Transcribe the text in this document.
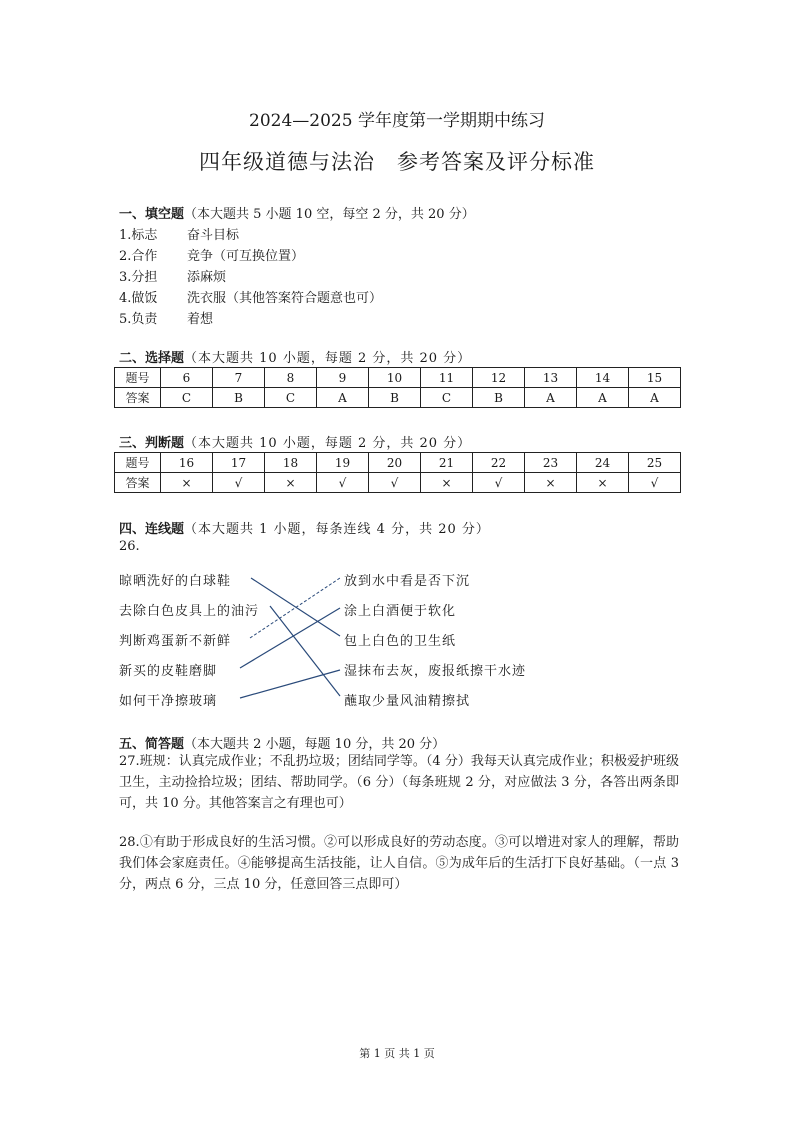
2024—2025 学年度第一学期期中练习
四年级道德与法治 参考答案及评分标准
一、填空题（本大题共 5 小题 10 空，每空 2 分，共 20 分）
1.标志 奋斗目标
2.合作 竞争（可互换位置）
3.分担 添麻烦
4.做饭 洗衣服（其他答案符合题意也可）
5.负责 着想
二、选择题（本大题共 10 小题，每题 2 分，共 20 分）
题号	6	7	8	9	10	11	12	13	14	15
答案	C	B	C	A	B	C	B	A	A	A
三、判断题（本大题共 10 小题，每题 2 分，共 20 分）
题号	16	17	18	19	20	21	22	23	24	25
答案	×	√	×	√	√	×	√	×	×	√
四、连线题（本大题共 1 小题，每条连线 4 分，共 20 分）
26.
晾晒洗好的白球鞋
去除白色皮具上的油污
判断鸡蛋新不新鲜
新买的皮鞋磨脚
如何干净擦玻璃
放到水中看是否下沉
涂上白酒便于软化
包上白色的卫生纸
湿抹布去灰，废报纸擦干水迹
蘸取少量风油精擦拭
五、简答题（本大题共 2 小题，每题 10 分，共 20 分）
27.班规：认真完成作业；不乱扔垃圾；团结同学等。（4 分）我每天认真完成作业；积极爱护班级卫生，主动捡拾垃圾；团结、帮助同学。（6 分）（每条班规 2 分，对应做法 3 分，各答出两条即可，共 10 分。其他答案言之有理也可）
28.①有助于形成良好的生活习惯。②可以形成良好的劳动态度。③可以增进对家人的理解，帮助我们体会家庭责任。④能够提高生活技能，让人自信。⑤为成年后的生活打下良好基础。（一点 3 分，两点 6 分，三点 10 分，任意回答三点即可）
第 1 页 共 1 页
